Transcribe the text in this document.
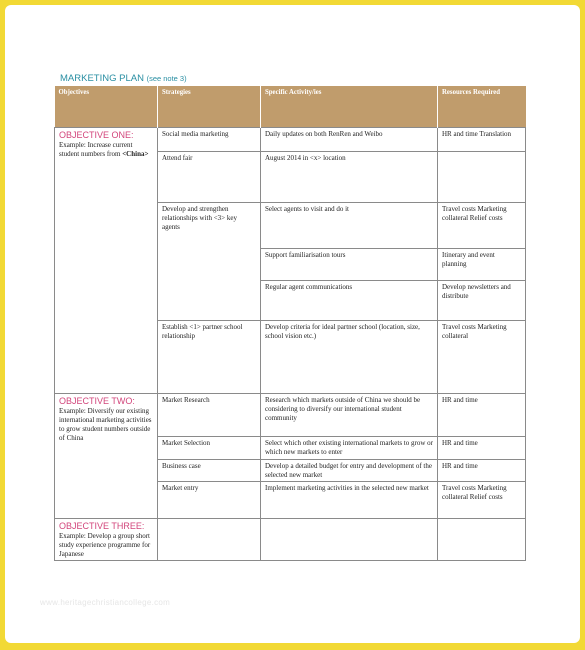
MARKETING PLAN (see note 3)
Objectives	Strategies	Specific Activity/ies	Resources Required

OBJECTIVE ONE:
Example: Increase current student numbers from <China>	Social media marketing	Daily updates on both RenRen and Weibo	HR and time Translation
	Attend fair	August 2014 in <x> location	
	Develop and strengthen relationships with <3> key agents	Select agents to visit and do it	Travel costs Marketing collateral Relief costs
		Support familiarisation tours	Itinerary and event planning
		Regular agent communications	Develop newsletters and distribute
	Establish <1> partner school relationship	Develop criteria for ideal partner school (location, size, school vision etc.)	Travel costs Marketing collateral

OBJECTIVE TWO:
Example: Diversify our existing international marketing activities to grow student numbers outside of China	Market Research	Research which markets outside of China we should be considering to diversify our international student community	HR and time
	Market Selection	Select which other existing international markets to grow or which new markets to enter	HR and time
	Business case	Develop a detailed budget for entry and development of the selected new market	HR and time
	Market entry	Implement marketing activities in the selected new market	Travel costs Marketing collateral Relief costs

OBJECTIVE THREE:
Example: Develop a group short study experience programme for Japanese			

www.heritagechristiancollege.com
